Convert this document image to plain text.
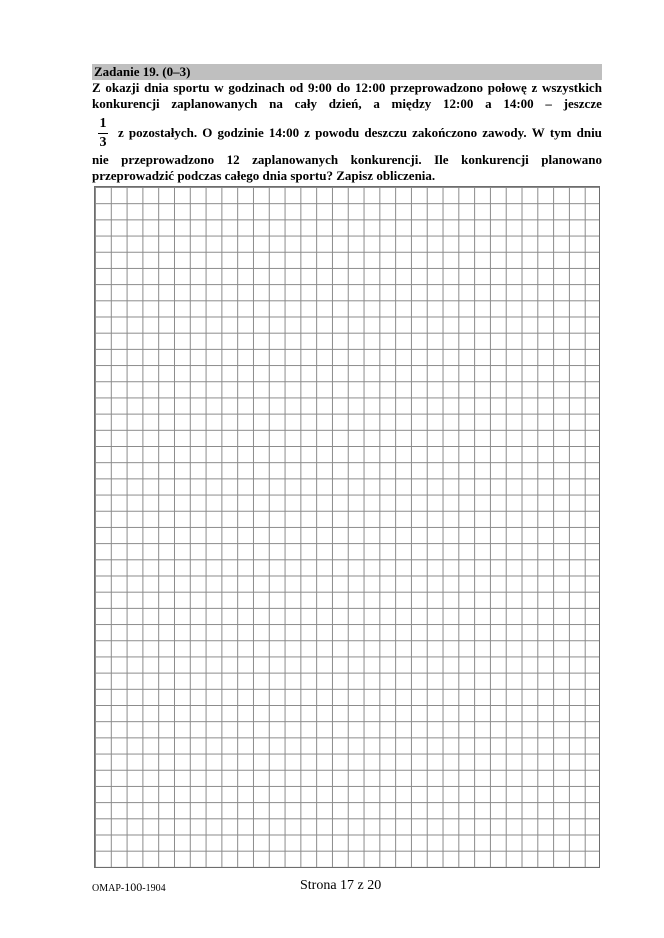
Zadanie 19. (0–3)
Z okazji dnia sportu w godzinach od 9:00 do 12:00 przeprowadzono połowę z wszystkich
konkurencji zaplanowanych na cały dzień, a między 12:00 a 14:00 – jeszcze
$\frac{1}{3}$ z pozostałych. O godzinie 14:00 z powodu deszczu zakończono zawody. W tym dniu
nie przeprowadzono 12 zaplanowanych konkurencji. Ile konkurencji planowano
przeprowadzić podczas całego dnia sportu? Zapisz obliczenia.
OMAP-100-1904	Strona 17 z 20
